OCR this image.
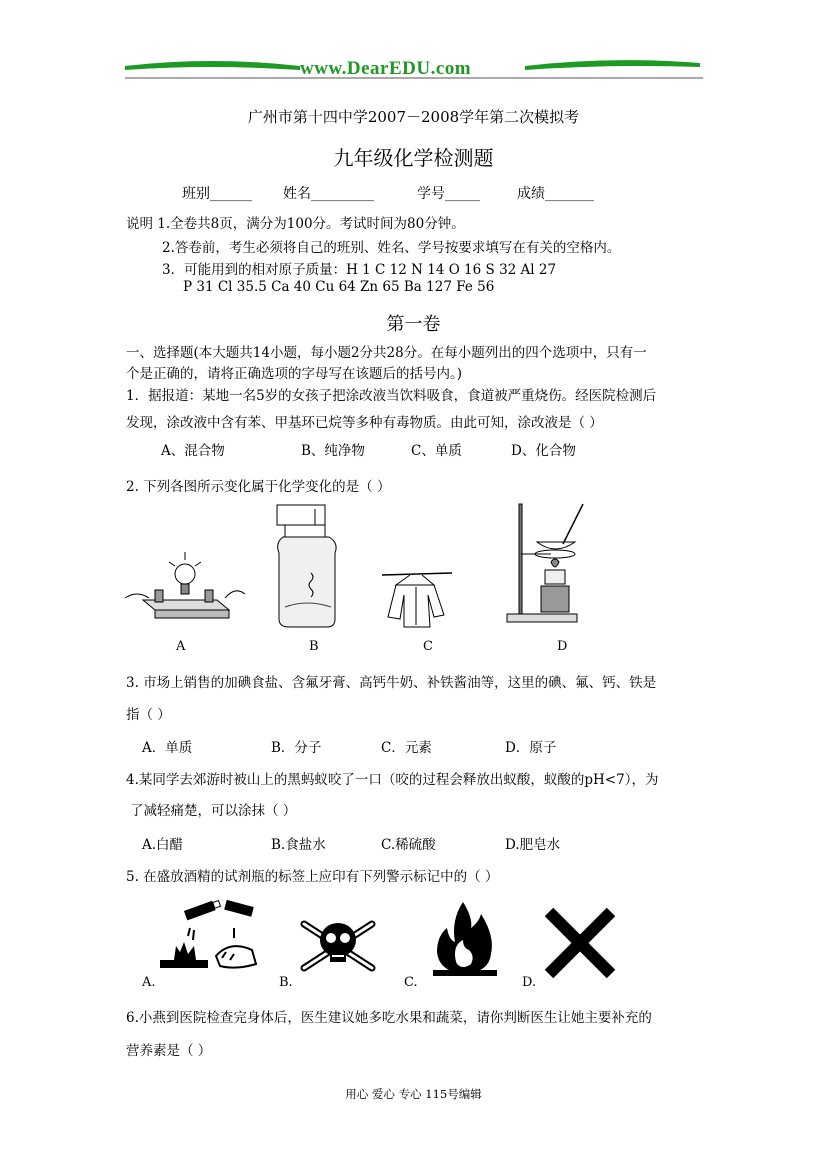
www.DearEDU.com
广州市第十四中学2007－2008学年第二次模拟考
九年级化学检测题
班别______ 姓名_________	学号_____	成绩_______
说明 1.全卷共8页，满分为100分。考试时间为80分钟。
2.答卷前，考生必须将自己的班别、姓名、学号按要求填写在有关的空格内。
3．可能用到的相对原子质量：H 1 C 12 N 14 O 16 S 32 Al 27
P 31 Cl 35.5 Ca 40 Cu 64 Zn 65 Ba 127 Fe 56
第一卷
一、选择题(本大题共14小题，每小题2分共28分。在每小题列出的四个选项中，只有一
个是正确的，请将正确选项的字母写在该题后的括号内。)
1．据报道：某地一名5岁的女孩子把涂改液当饮料吸食，食道被严重烧伤。经医院检测后
发现，涂改液中含有苯、甲基环已烷等多种有毒物质。由此可知，涂改液是（ ）
A、混合物	B、纯净物	C、单质	D、化合物
2. 下列各图所示变化属于化学变化的是（ ）
A	B	C	D
3. 市场上销售的加碘食盐、含氟牙膏、高钙牛奶、补铁酱油等，这里的碘、氟、钙、铁是
指（ ）
A．单质	B．分子	C．元素	D．原子
4.某同学去郊游时被山上的黑蚂蚁咬了一口（咬的过程会释放出蚁酸，蚁酸的pH<7），为
了减轻痛楚，可以涂抹（ ）
A.白醋	B.食盐水	C.稀硫酸	D.肥皂水
5. 在盛放酒精的试剂瓶的标签上应印有下列警示标记中的（ ）
A.	B.	C.	D.
6.小燕到医院检查完身体后，医生建议她多吃水果和蔬菜，请你判断医生让她主要补充的
营养素是（ ）
用心 爱心 专心 115号编辑
